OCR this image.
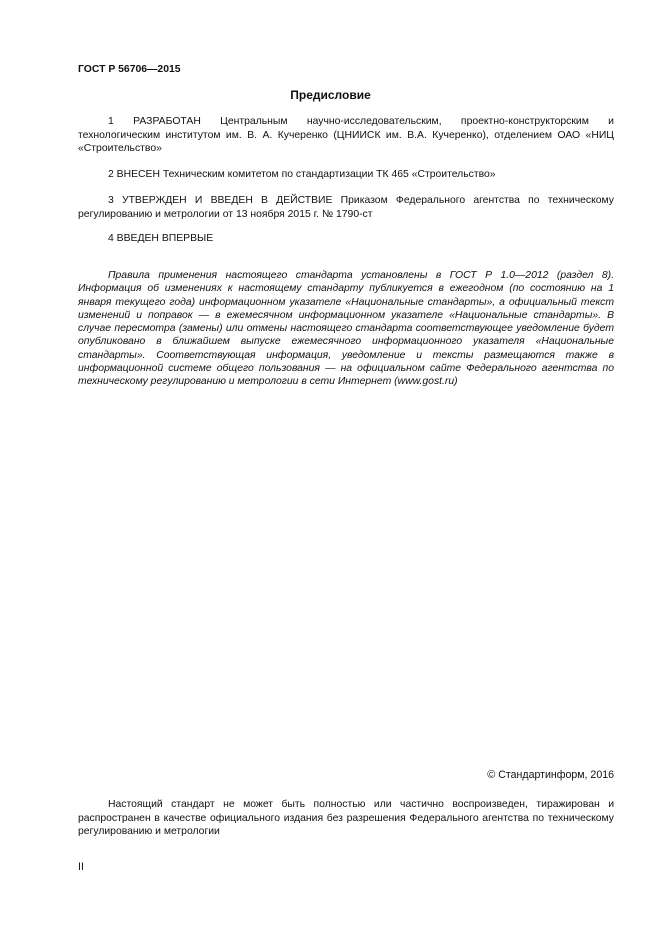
ГОСТ Р 56706—2015
Предисловие

1 РАЗРАБОТАН Центральным научно-исследовательским, проектно-конструкторским и технологическим институтом им. В. А. Кучеренко (ЦНИИСК им. В.А. Кучеренко), отделением ОАО «НИЦ «Строительство»

2 ВНЕСЕН Техническим комитетом по стандартизации ТК 465 «Строительство»

3 УТВЕРЖДЕН И ВВЕДЕН В ДЕЙСТВИЕ Приказом Федерального агентства по техническому регулированию и метрологии от 13 ноября 2015 г. № 1790-ст

4 ВВЕДЕН ВПЕРВЫЕ

Правила применения настоящего стандарта установлены в ГОСТ Р 1.0—2012 (раздел 8). Информация об изменениях к настоящему стандарту публикуется в ежегодном (по состоянию на 1 января текущего года) информационном указателе «Национальные стандарты», а официальный текст изменений и поправок — в ежемесячном информационном указателе «Национальные стандарты». В случае пересмотра (замены) или отмены настоящего стандарта соответствующее уведомление будет опубликовано в ближайшем выпуске ежемесячного информационного указателя «Национальные стандарты». Соответствующая информация, уведомление и тексты размещаются также в информационной системе общего пользования — на официальном сайте Федерального агентства по техническому регулированию и метрологии в сети Интернет (www.gost.ru)

© Стандартинформ, 2016

Настоящий стандарт не может быть полностью или частично воспроизведен, тиражирован и распространен в качестве официального издания без разрешения Федерального агентства по техническому регулированию и метрологии

II
